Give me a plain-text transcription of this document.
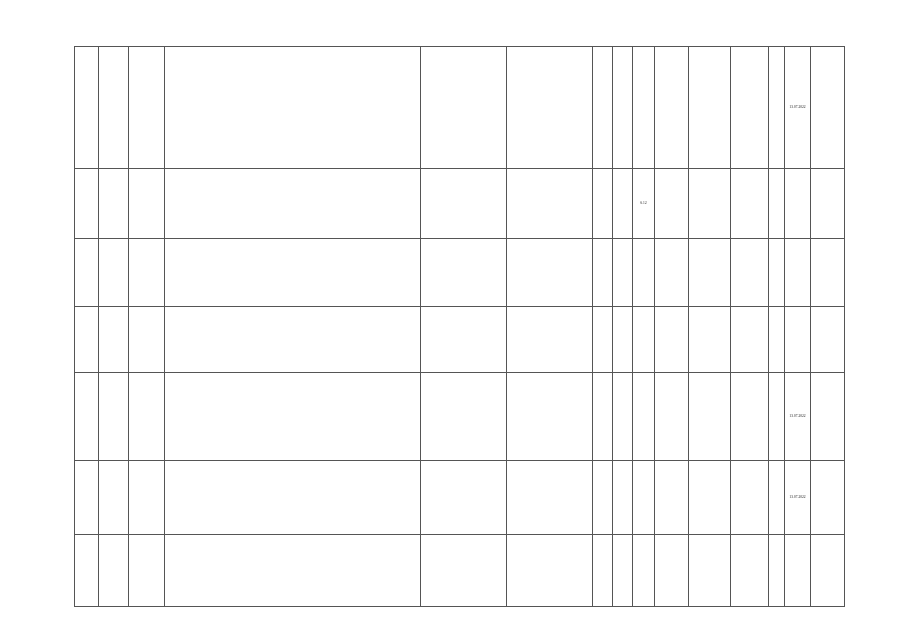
													13.07.2022	

								6.12						

													13.07.2022	

													13.07.2022	
